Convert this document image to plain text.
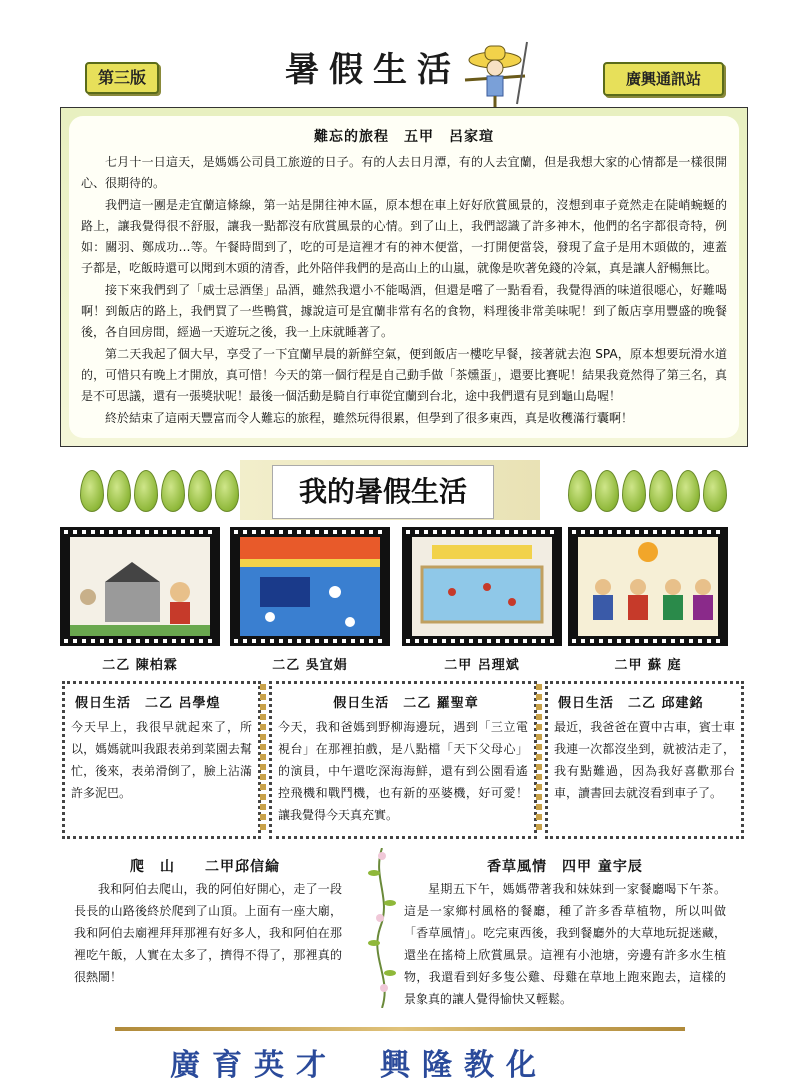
第三版	暑假生活	廣興通訊站
難忘的旅程　五甲　呂家瑄

七月十一日這天，是媽媽公司員工旅遊的日子。有的人去日月潭，有的人去宜蘭，但是我想大家的心情都是一樣很開心、很期待的。

我們這一團是走宜蘭這條線，第一站是開往神木區，原本想在車上好好欣賞風景的，沒想到車子竟然走在陡峭蜿蜒的路上，讓我覺得很不舒服，讓我一點都沒有欣賞風景的心情。到了山上，我們認識了許多神木，他們的名字都很奇特，例如：關羽、鄭成功…等。午餐時間到了，吃的可是這裡才有的神木便當，一打開便當袋，發現了盒子是用木頭做的，連蓋子都是，吃飯時還可以聞到木頭的清香，此外陪伴我們的是高山上的山嵐，就像是吹著免錢的冷氣，真是讓人舒暢無比。

接下來我們到了「威士忌酒堡」品酒，雖然我還小不能喝酒，但還是嚐了一點看看，我覺得酒的味道很噁心，好難喝啊！到飯店的路上，我們買了一些鴨賞，據說這可是宜蘭非常有名的食物，料理後非常美味呢！到了飯店享用豐盛的晚餐後，各自回房間，經過一天遊玩之後，我一上床就睡著了。

第二天我起了個大早，享受了一下宜蘭早晨的新鮮空氣，便到飯店一樓吃早餐，接著就去泡 SPA，原本想要玩滑水道的，可惜只有晚上才開放，真可惜！今天的第一個行程是自己動手做「茶燻蛋」，還要比賽呢！結果我竟然得了第三名，真是不可思議，還有一張獎狀呢！最後一個活動是騎自行車從宜蘭到台北，途中我們還有見到龜山島喔！

終於結束了這兩天豐富而令人難忘的旅程，雖然玩得很累，但學到了很多東西，真是收穫滿行囊啊！

我的暑假生活
二乙 陳柏霖	二乙 吳宜娟	二甲 呂理斌	二甲 蘇 庭
假日生活　二乙 呂學煌
今天早上，我很早就起來了，所以，媽媽就叫我跟表弟到菜園去幫忙，後來，表弟滑倒了，臉上沾滿許多泥巴。
假日生活　二乙 羅聖章
今天，我和爸媽到野柳海邊玩，遇到「三立電視台」在那裡拍戲，是八點檔「天下父母心」的演員，中午還吃深海海鮮，還有到公園看遙控飛機和戰鬥機，也有新的巫婆機，好可愛！讓我覺得今天真充實。
假日生活　二乙 邱建銘
最近，我爸爸在賣中古車，賓士車我連一次都沒坐到，就被沽走了，我有點難過，因為我好喜歡那台車，讀書回去就沒看到車子了。
爬　山　　二甲邱信綸

我和阿伯去爬山，我的阿伯好開心，走了一段長長的山路後終於爬到了山頂。上面有一座大廟，我和阿伯去廟裡拜拜那裡有好多人，我和阿伯在那裡吃午飯，人實在太多了，擠得不得了，那裡真的很熱鬧！

香草風情　四甲 童宇辰

星期五下午，媽媽帶著我和妹妹到一家餐廳喝下午茶。這是一家鄉村風格的餐廳，種了許多香草植物，所以叫做「香草風情」。吃完東西後，我到餐廳外的大草地玩捉迷藏，還坐在搖椅上欣賞風景。這裡有小池塘，旁邊有許多水生植物，我還看到好多隻公雞、母雞在草地上跑來跑去，這樣的景象真的讓人覺得愉快又輕鬆。

廣育英才　興隆教化
